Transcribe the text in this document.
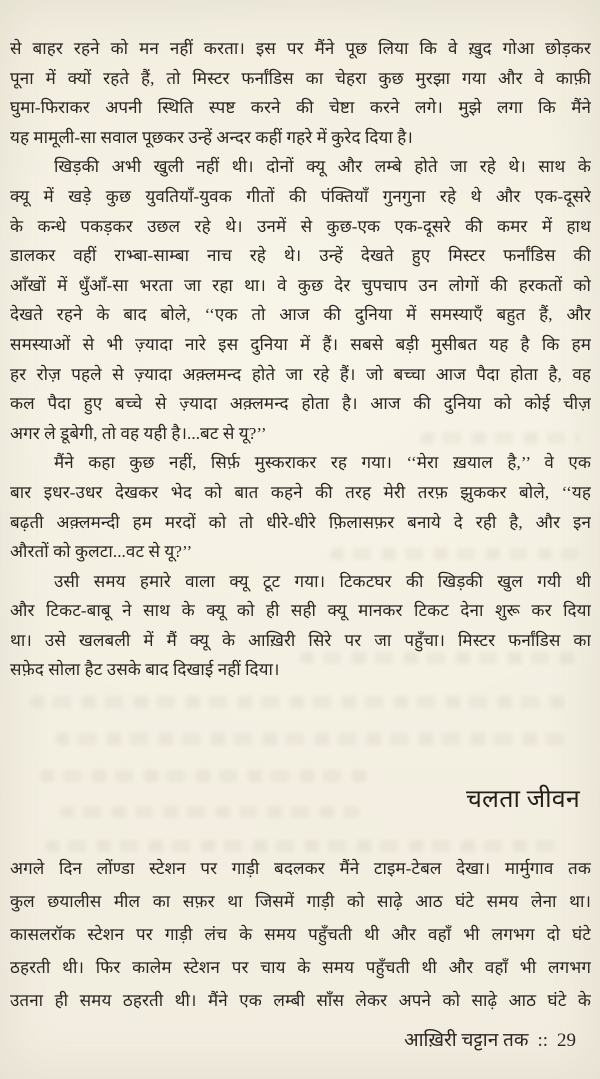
से बाहर रहने को मन नहीं करता। इस पर मैंने पूछ लिया कि वे ख़ुद गोआ छोड़कर
पूना में क्यों रहते हैं, तो मिस्टर फर्नांडिस का चेहरा कुछ मुरझा गया और वे काफ़ी
घुमा-फिराकर अपनी स्थिति स्पष्ट करने की चेष्टा करने लगे। मुझे लगा कि मैंने
यह मामूली-सा सवाल पूछकर उन्हें अन्दर कहीं गहरे में कुरेद दिया है।
खिड़की अभी खुली नहीं थी। दोनों क्यू और लम्बे होते जा रहे थे। साथ के
क्यू में खड़े कुछ युवतियाँ-युवक गीतों की पंक्तियाँ गुनगुना रहे थे और एक-दूसरे
के कन्धे पकड़कर उछल रहे थे। उनमें से कुछ-एक एक-दूसरे की कमर में हाथ
डालकर वहीं राभ्बा-साम्बा नाच रहे थे। उन्हें देखते हुए मिस्टर फर्नांडिस की
आँखों में धुँआँ-सा भरता जा रहा था। वे कुछ देर चुपचाप उन लोगों की हरकतों को
देखते रहने के बाद बोले, ‘‘एक तो आज की दुनिया में समस्याएँ बहुत हैं, और
समस्याओं से भी ज़्यादा नारे इस दुनिया में हैं। सबसे बड़ी मुसीबत यह है कि हम
हर रोज़ पहले से ज़्यादा अक़्लमन्द होते जा रहे हैं। जो बच्चा आज पैदा होता है, वह
कल पैदा हुए बच्चे से ज़्यादा अक़्लमन्द होता है। आज की दुनिया को कोई चीज़
अगर ले डूबेगी, तो वह यही है।...बट से यू?’’
मैंने कहा कुछ नहीं, सिर्फ़ मुस्कराकर रह गया। ‘‘मेरा ख़याल है,’’ वे एक
बार इधर-उधर देखकर भेद को बात कहने की तरह मेरी तरफ़ झुककर बोले, ‘‘यह
बढ़ती अक़्लमन्दी हम मरदों को तो धीरे-धीरे फ़िलासफ़र बनाये दे रही है, और इन
औरतों को कुलटा...वट से यू?’’
उसी समय हमारे वाला क्यू टूट गया। टिकटघर की खिड़की खुल गयी थी
और टिकट-बाबू ने साथ के क्यू को ही सही क्यू मानकर टिकट देना शुरू कर दिया
था। उसे खलबली में मैं क्यू के आख़िरी सिरे पर जा पहुँचा। मिस्टर फर्नांडिस का
सफ़ेद सोला हैट उसके बाद दिखाई नहीं दिया।
चलता जीवन
अगले दिन लोंण्डा स्टेशन पर गाड़ी बदलकर मैंने टाइम-टेबल देखा। मार्मुगाव तक
कुल छयालीस मील का सफ़र था जिसमें गाड़ी को साढ़े आठ घंटे समय लेना था।
कासलरॉक स्टेशन पर गाड़ी लंच के समय पहुँचती थी और वहाँ भी लगभग दो घंटे
ठहरती थी। फिर कालेम स्टेशन पर चाय के समय पहुँचती थी और वहाँ भी लगभग
उतना ही समय ठहरती थी। मैंने एक लम्बी साँस लेकर अपने को साढ़े आठ घंटे के
आख़िरी चट्टान तक :: 29
